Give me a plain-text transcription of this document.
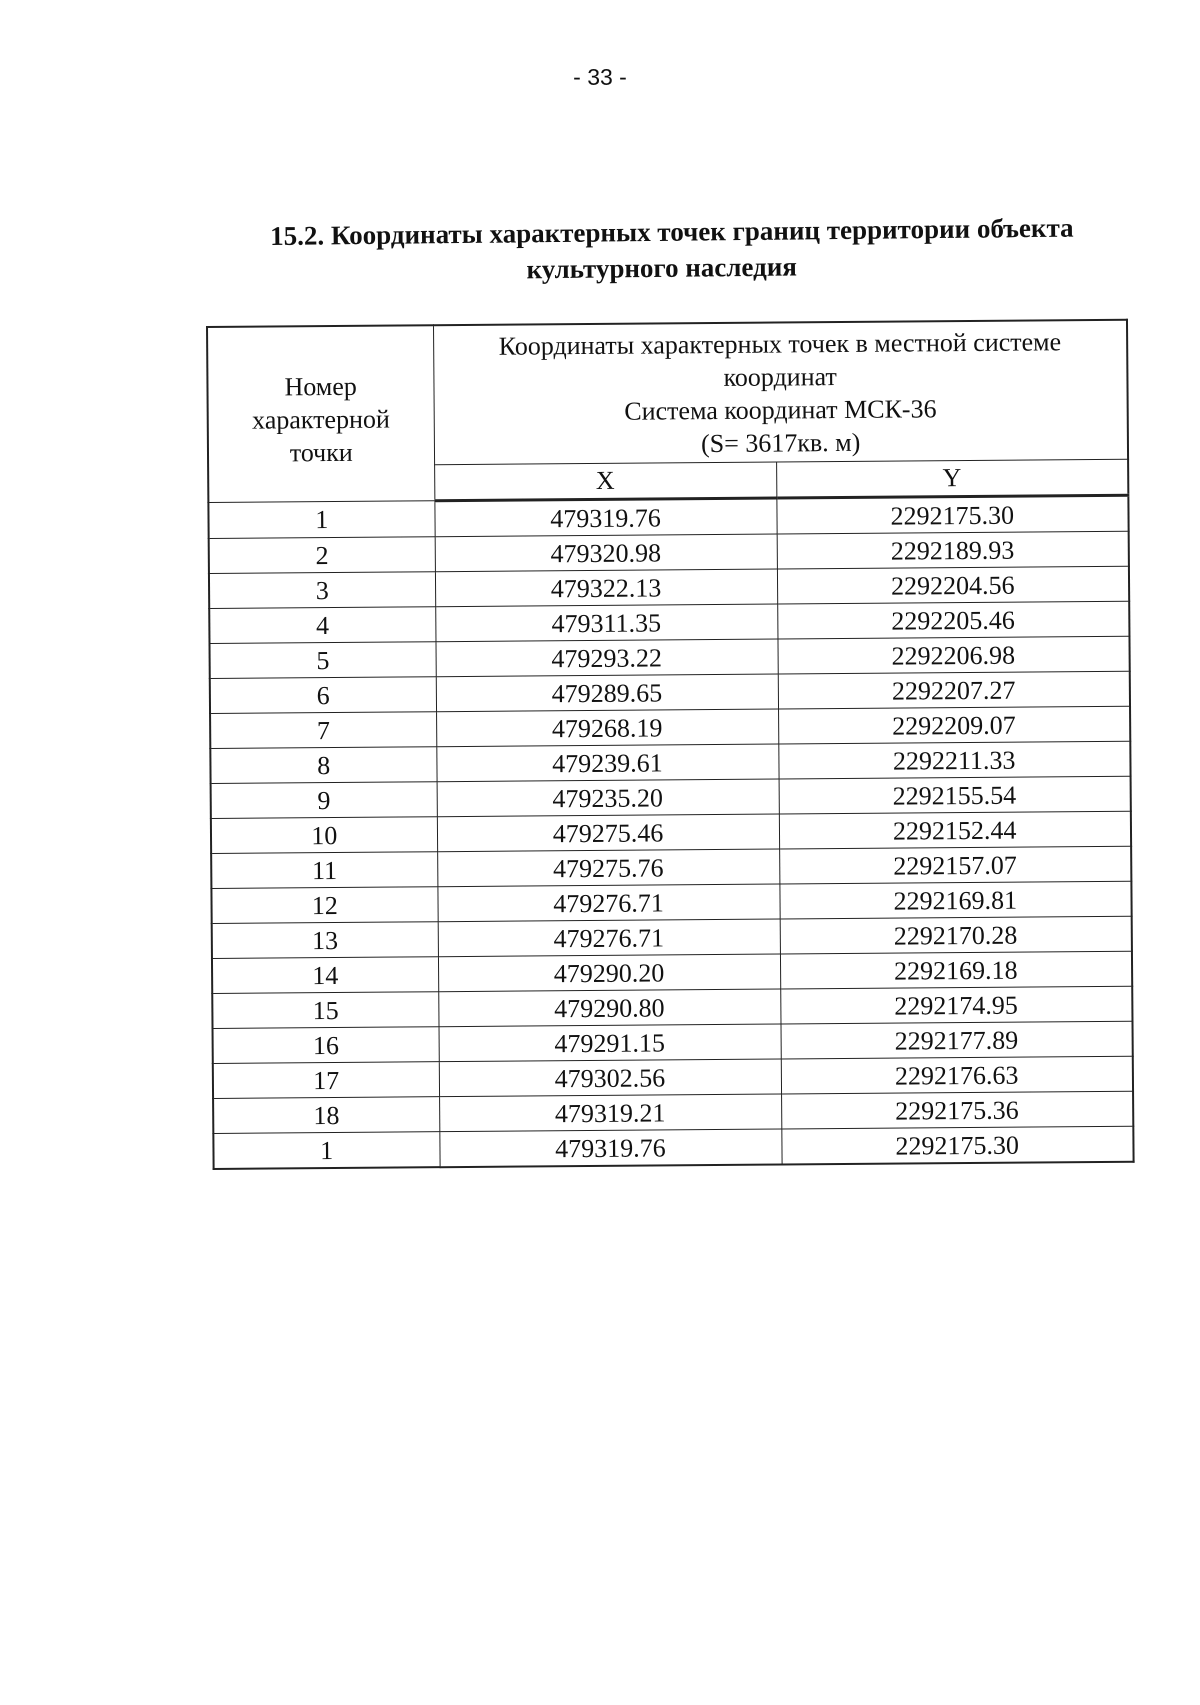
- 33 -
15.2. Координаты характерных точек границ территории объекта
культурного наследия
Номер
характерной
точки	Координаты характерных точек в местной системе
координат
Система координат МСК-36
(S= 3617кв. м)	

	X	Y
1	479319.76	2292175.30
2	479320.98	2292189.93
3	479322.13	2292204.56
4	479311.35	2292205.46
5	479293.22	2292206.98
6	479289.65	2292207.27
7	479268.19	2292209.07
8	479239.61	2292211.33
9	479235.20	2292155.54
10	479275.46	2292152.44
11	479275.76	2292157.07
12	479276.71	2292169.81
13	479276.71	2292170.28
14	479290.20	2292169.18
15	479290.80	2292174.95
16	479291.15	2292177.89
17	479302.56	2292176.63
18	479319.21	2292175.36
1	479319.76	2292175.30
